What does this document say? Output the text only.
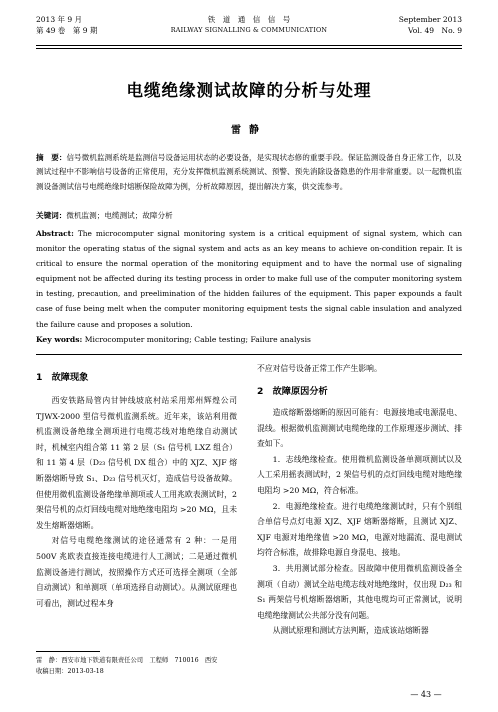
2013 年 9 月
第 49 卷　第 9 期
铁　道　通　信　信　号
RAILWAY SIGNALLING & COMMUNICATION
September 2013
Vol. 49　No. 9
电缆绝缘测试故障的分析与处理
雷静
摘　要：信号微机监测系统是监测信号设备运用状态的必要设备，是实现状态修的重要手段。保证监测设备自身正常工作，以及测试过程中不影响信号设备的正常使用，充分发挥微机监测系统测试、预警、预先消除设备隐患的作用非常重要。以一起微机监测设备测试信号电缆绝缘时熔断保险故障为例，分析故障原因，提出解决方案，供交流参考。
关键词：微机监测；电缆测试；故障分析
Abstract: The microcomputer signal monitoring system is a critical equipment of signal system, which can monitor the operating status of the signal system and acts as an key means to achieve on-condition repair. It is critical to ensure the normal operation of the monitoring equipment and to have the normal use of signaling equipment not be affected during its testing process in order to make full use of the computer monitoring system in testing, precaution, and preelimination of the hidden failures of the equipment. This paper expounds a fault case of fuse being melt when the computer monitoring equipment tests the signal cable insulation and analyzed the failure cause and proposes a solution.
Key words: Microcomputer monitoring; Cable testing; Failure analysis
1　故障现象

西安铁路局管内甘钟线坡底村站采用郑州辉煌公司 TJWX-2000 型信号微机监测系统。近年来，该站利用微机监测设备绝缘全测项进行电缆芯线对地绝缘自动测试时，机械室内组合第 11 第 2 层（S₁ 信号机 LXZ 组合）和 11 第 4 层（D₂₃ 信号机 DX 组合）中的 XJZ、XJF 熔断器熔断导致 S₁、D₂₃ 信号机灭灯，造成信号设备故障。但使用微机监测设备绝缘单测项或人工用兆欧表测试时，2 架信号机的点灯回线电缆对地绝缘电阻均 >20 MΩ，且未发生熔断器熔断。

对信号电缆绝缘测试的途径通常有 2 种：一是用 500V 兆欧表直接连接电缆进行人工测试；二是通过微机监测设备进行测试，按照操作方式还可选择全测项（全部自动测试）和单测项（单项选择自动测试）。从测试原理也可看出，测试过程本身

不应对信号设备正常工作产生影响。

2　故障原因分析

造成熔断器熔断的原因可能有：电源接地或电源混电、混线。根据微机监测测试电缆绝缘的工作原理逐步测试、排查如下。

1．志线绝缘检查。使用微机监测设备单测项测试以及人工采用摇表测试时，2 架信号机的点灯回线电缆对地绝缘电阻均 >20 MΩ，符合标准。

2．电源绝缘检查。进行电缆绝缘测试时，只有个别组合单信号点灯电源 XJZ、XJF 熔断器熔断，且测试 XJZ、XJF 电源对地绝缘值 >20 MΩ，电源对地漏流、混电测试均符合标准，故排除电源自身混电、接地。

3．共用测试部分检查。因故障中使用微机监测设备全测项（自动）测试全站电缆志线对地绝缘时，仅出现 D₂₃ 和 S₁ 两架信号机熔断器熔断，其他电缆均可正常测试，说明电缆绝缘测试公共部分没有问题。

从测试原理和测试方法判断，造成该站熔断器

雷　静：西安市地下铁道有限责任公司　工程师　710016　西安
收稿日期：2013-03-18
— 43 —
